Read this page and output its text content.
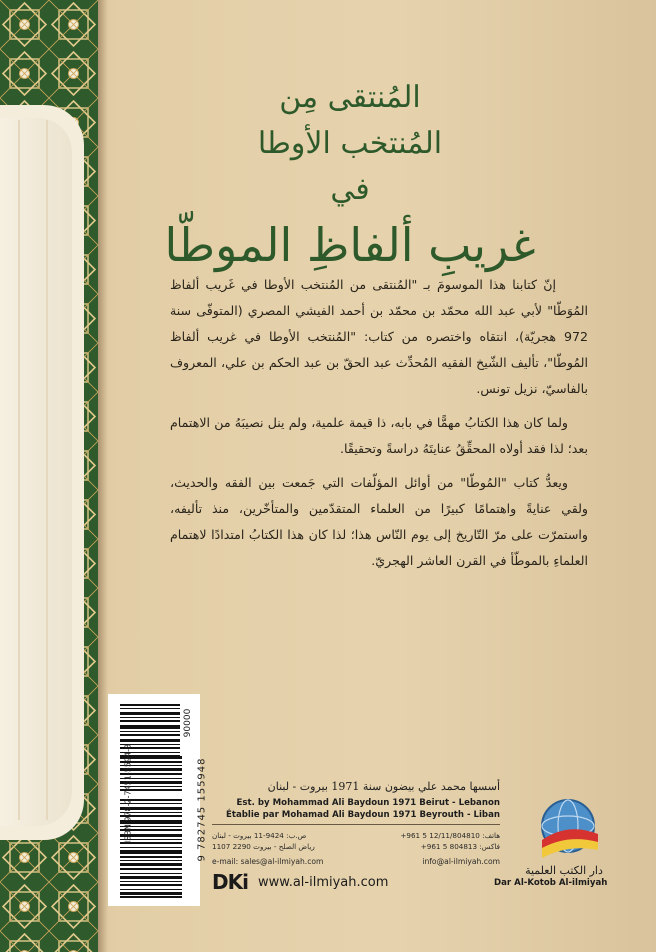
المُنتقى مِن
المُنتخب الأوطا
في
غريبِ ألفاظِ الموطّا

إنّ كتابنا هذا الموسومَ بـ "المُنتقى من المُنتخب الأوطا في غَريب ألفاظ المُوَطّا" لأبي عبد الله محمّد بن محمّد بن أحمد الفيشي المصري (المتوفّى سنة 972 هجريّة)، انتقاه واختصره من كتاب: "المُنتخب الأوطا في غريب ألفاظ المُوطّا"، تأليف الشّيخ الفقيه المُحدِّث عبد الحقّ بن عبد الحكم بن علي، المعروف بالفاسيّ، نزيل تونس.

ولما كان هذا الكتابُ مهمًّا في بابه، ذا قيمة علمية، ولم ينل نصيبَهُ من الاهتمام بعد؛ لذا فقد أولاه المحقِّقُ عنايتَهُ دراسةً وتحقيقًا.

ويعدُّ كتاب "المُوطّا" من أوائل المؤلّفات التي جَمعت بين الفقه والحديث، ولقي عنايةً واهتمامًا كبيرًا من العلماء المتقدّمين والمتأخّرين، منذ تأليفه، واستمرّت على مرّ التّاريخ إلى يوم النّاس هذا؛ لذا كان هذا الكتابُ امتدادًا لاهتمام العلماءِ بالموطّأ في القرن العاشر الهجريّ.

ISBN 978-2-7451-5594-8	9 782745 155948
90000
أسسها محمد علي بيضون سنة 1971 بيروت - لبنان
Est. by Mohammad Ali Baydoun 1971 Beirut - Lebanon
Établie par Mohamad Ali Baydoun 1971 Beyrouth - Liban
هاتف: 12/11/804810 5 961+
فاكس: 804813 5 961+
ص.ب: 9424-11 بيروت - لبنان
رياض الصلح - بيروت 2290 1107
e-mail: sales@al-ilmiyah.com	info@al-ilmiyah.com
DKi www.al-ilmiyah.com	Dar Al-Kotob Al-ilmiyah
دار الكتب العلمية
